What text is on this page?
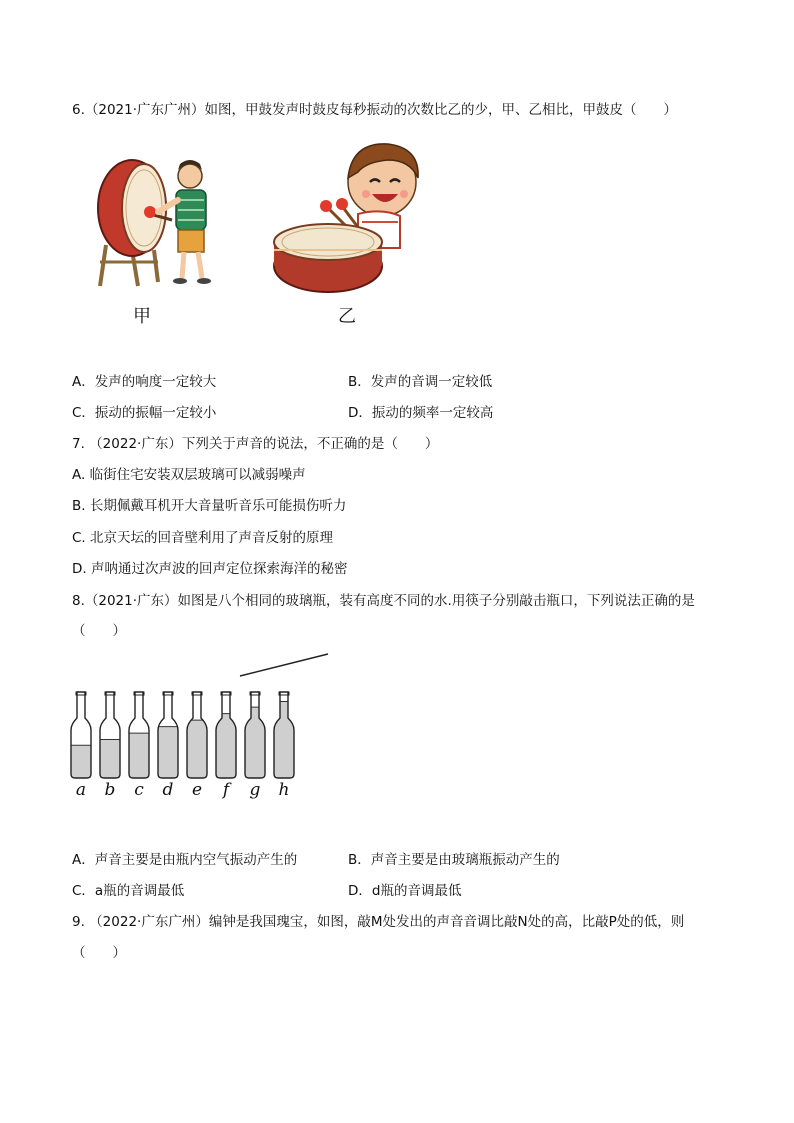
6.（2021·广东广州）如图，甲鼓发声时鼓皮每秒振动的次数比乙的少，甲、乙相比，甲鼓皮（　　）
甲	乙
A．发声的响度一定较大	B．发声的音调一定较低
C．振动的振幅一定较小	D．振动的频率一定较高
7. （2022·广东）下列关于声音的说法，不正确的是（　　）
A. 临街住宅安装双层玻璃可以减弱噪声
B. 长期佩戴耳机开大音量听音乐可能损伤听力
C. 北京天坛的回音壁利用了声音反射的原理
D. 声呐通过次声波的回声定位探索海洋的秘密
8.（2021·广东）如图是八个相同的玻璃瓶，装有高度不同的水.用筷子分别敲击瓶口，下列说法正确的是
（　　）
a b	c	d e	f	g h
A．声音主要是由瓶内空气振动产生的	B．声音主要是由玻璃瓶振动产生的
C．a瓶的音调最低	D．d瓶的音调最低
9. （2022·广东广州）编钟是我国瑰宝，如图，敲M处发出的声音音调比敲N处的高，比敲P处的低，则
（　　）
